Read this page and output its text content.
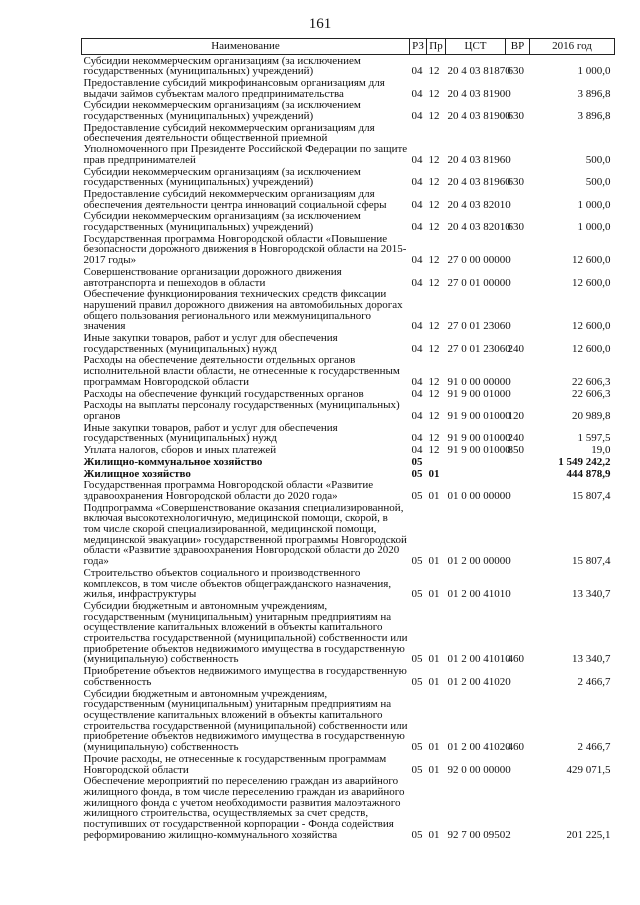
161
Наименование	РЗ	Пр	ЦСТ	ВР	2016 год
Субсидии некоммерческим организациям (за исключением государственных (муниципальных) учреждений)	04	12	20 4 03 81870	630	1 000,0
Предоставление субсидий микрофинансовым организациям для выдачи займов субъектам малого предпринимательства	04	12	20 4 03 81900		3 896,8
Субсидии некоммерческим организациям (за исключением государственных (муниципальных) учреждений)	04	12	20 4 03 81900	630	3 896,8
Предоставление субсидий некоммерческим организациям для обеспечения деятельности общественной приемной Уполномоченного при Президенте Российской Федерации по защите прав предпринимателей	04	12	20 4 03 81960		500,0
Субсидии некоммерческим организациям (за исключением государственных (муниципальных) учреждений)	04	12	20 4 03 81960	630	500,0
Предоставление субсидий некоммерческим организациям для обеспечения деятельности центра инноваций социальной сферы	04	12	20 4 03 82010		1 000,0
Субсидии некоммерческим организациям (за исключением государственных (муниципальных) учреждений)	04	12	20 4 03 82010	630	1 000,0
Государственная программа Новгородской области «Повышение безопасности дорожного движения в Новгородской области на 2015-2017 годы»	04	12	27 0 00 00000		12 600,0
Совершенствование организации дорожного движения автотранспорта и пешеходов в области	04	12	27 0 01 00000		12 600,0
Обеспечение функционирования технических средств фиксации нарушений правил дорожного движения на автомобильных дорогах общего пользования регионального или межмуниципального значения	04	12	27 0 01 23060		12 600,0
Иные закупки товаров, работ и услуг для обеспечения государственных (муниципальных) нужд	04	12	27 0 01 23060	240	12 600,0
Расходы на обеспечение деятельности отдельных органов исполнительной власти области, не отнесенные к государственным программам Новгородской области	04	12	91 0 00 00000		22 606,3
Расходы на обеспечение функций государственных органов	04	12	91 9 00 01000		22 606,3
Расходы на выплаты персоналу государственных (муниципальных) органов	04	12	91 9 00 01000	120	20 989,8
Иные закупки товаров, работ и услуг для обеспечения государственных (муниципальных) нужд	04	12	91 9 00 01000	240	1 597,5
Уплата налогов, сборов и иных платежей	04	12	91 9 00 01000	850	19,0
Жилищно-коммунальное хозяйство	05				1 549 242,2
Жилищное хозяйство	05	01			444 878,9
Государственная программа Новгородской области «Развитие здравоохранения Новгородской области до 2020 года»	05	01	01 0 00 00000		15 807,4
Подпрограмма «Совершенствование оказания специализированной, включая высокотехнологичную, медицинской помощи, скорой, в том числе скорой специализированной, медицинской помощи, медицинской эвакуации» государственной программы Новгородской области «Развитие здравоохранения Новгородской области до 2020 года»	05	01	01 2 00 00000		15 807,4
Строительство объектов социального и производственного комплексов, в том числе объектов общегражданского назначения, жилья, инфраструктуры	05	01	01 2 00 41010		13 340,7
Субсидии бюджетным и автономным учреждениям, государственным (муниципальным) унитарным предприятиям на осуществление капитальных вложений в объекты капитального строительства государственной (муниципальной) собственности или приобретение объектов недвижимого имущества в государственную (муниципальную) собственность	05	01	01 2 00 41010	460	13 340,7
Приобретение объектов недвижимого имущества в государственную собственность	05	01	01 2 00 41020		2 466,7
Субсидии бюджетным и автономным учреждениям, государственным (муниципальным) унитарным предприятиям на осуществление капитальных вложений в объекты капитального строительства государственной (муниципальной) собственности или приобретение объектов недвижимого имущества в государственную (муниципальную) собственность	05	01	01 2 00 41020	460	2 466,7
Прочие расходы, не отнесенные к государственным программам Новгородской области	05	01	92 0 00 00000		429 071,5
Обеспечение мероприятий по переселению граждан из аварийного жилищного фонда, в том числе переселению граждан из аварийного жилищного фонда с учетом необходимости развития малоэтажного жилищного строительства, осуществляемых за счет средств, поступивших от государственной корпорации - Фонда содействия реформированию жилищно-коммунального хозяйства	05	01	92 7 00 09502		201 225,1
